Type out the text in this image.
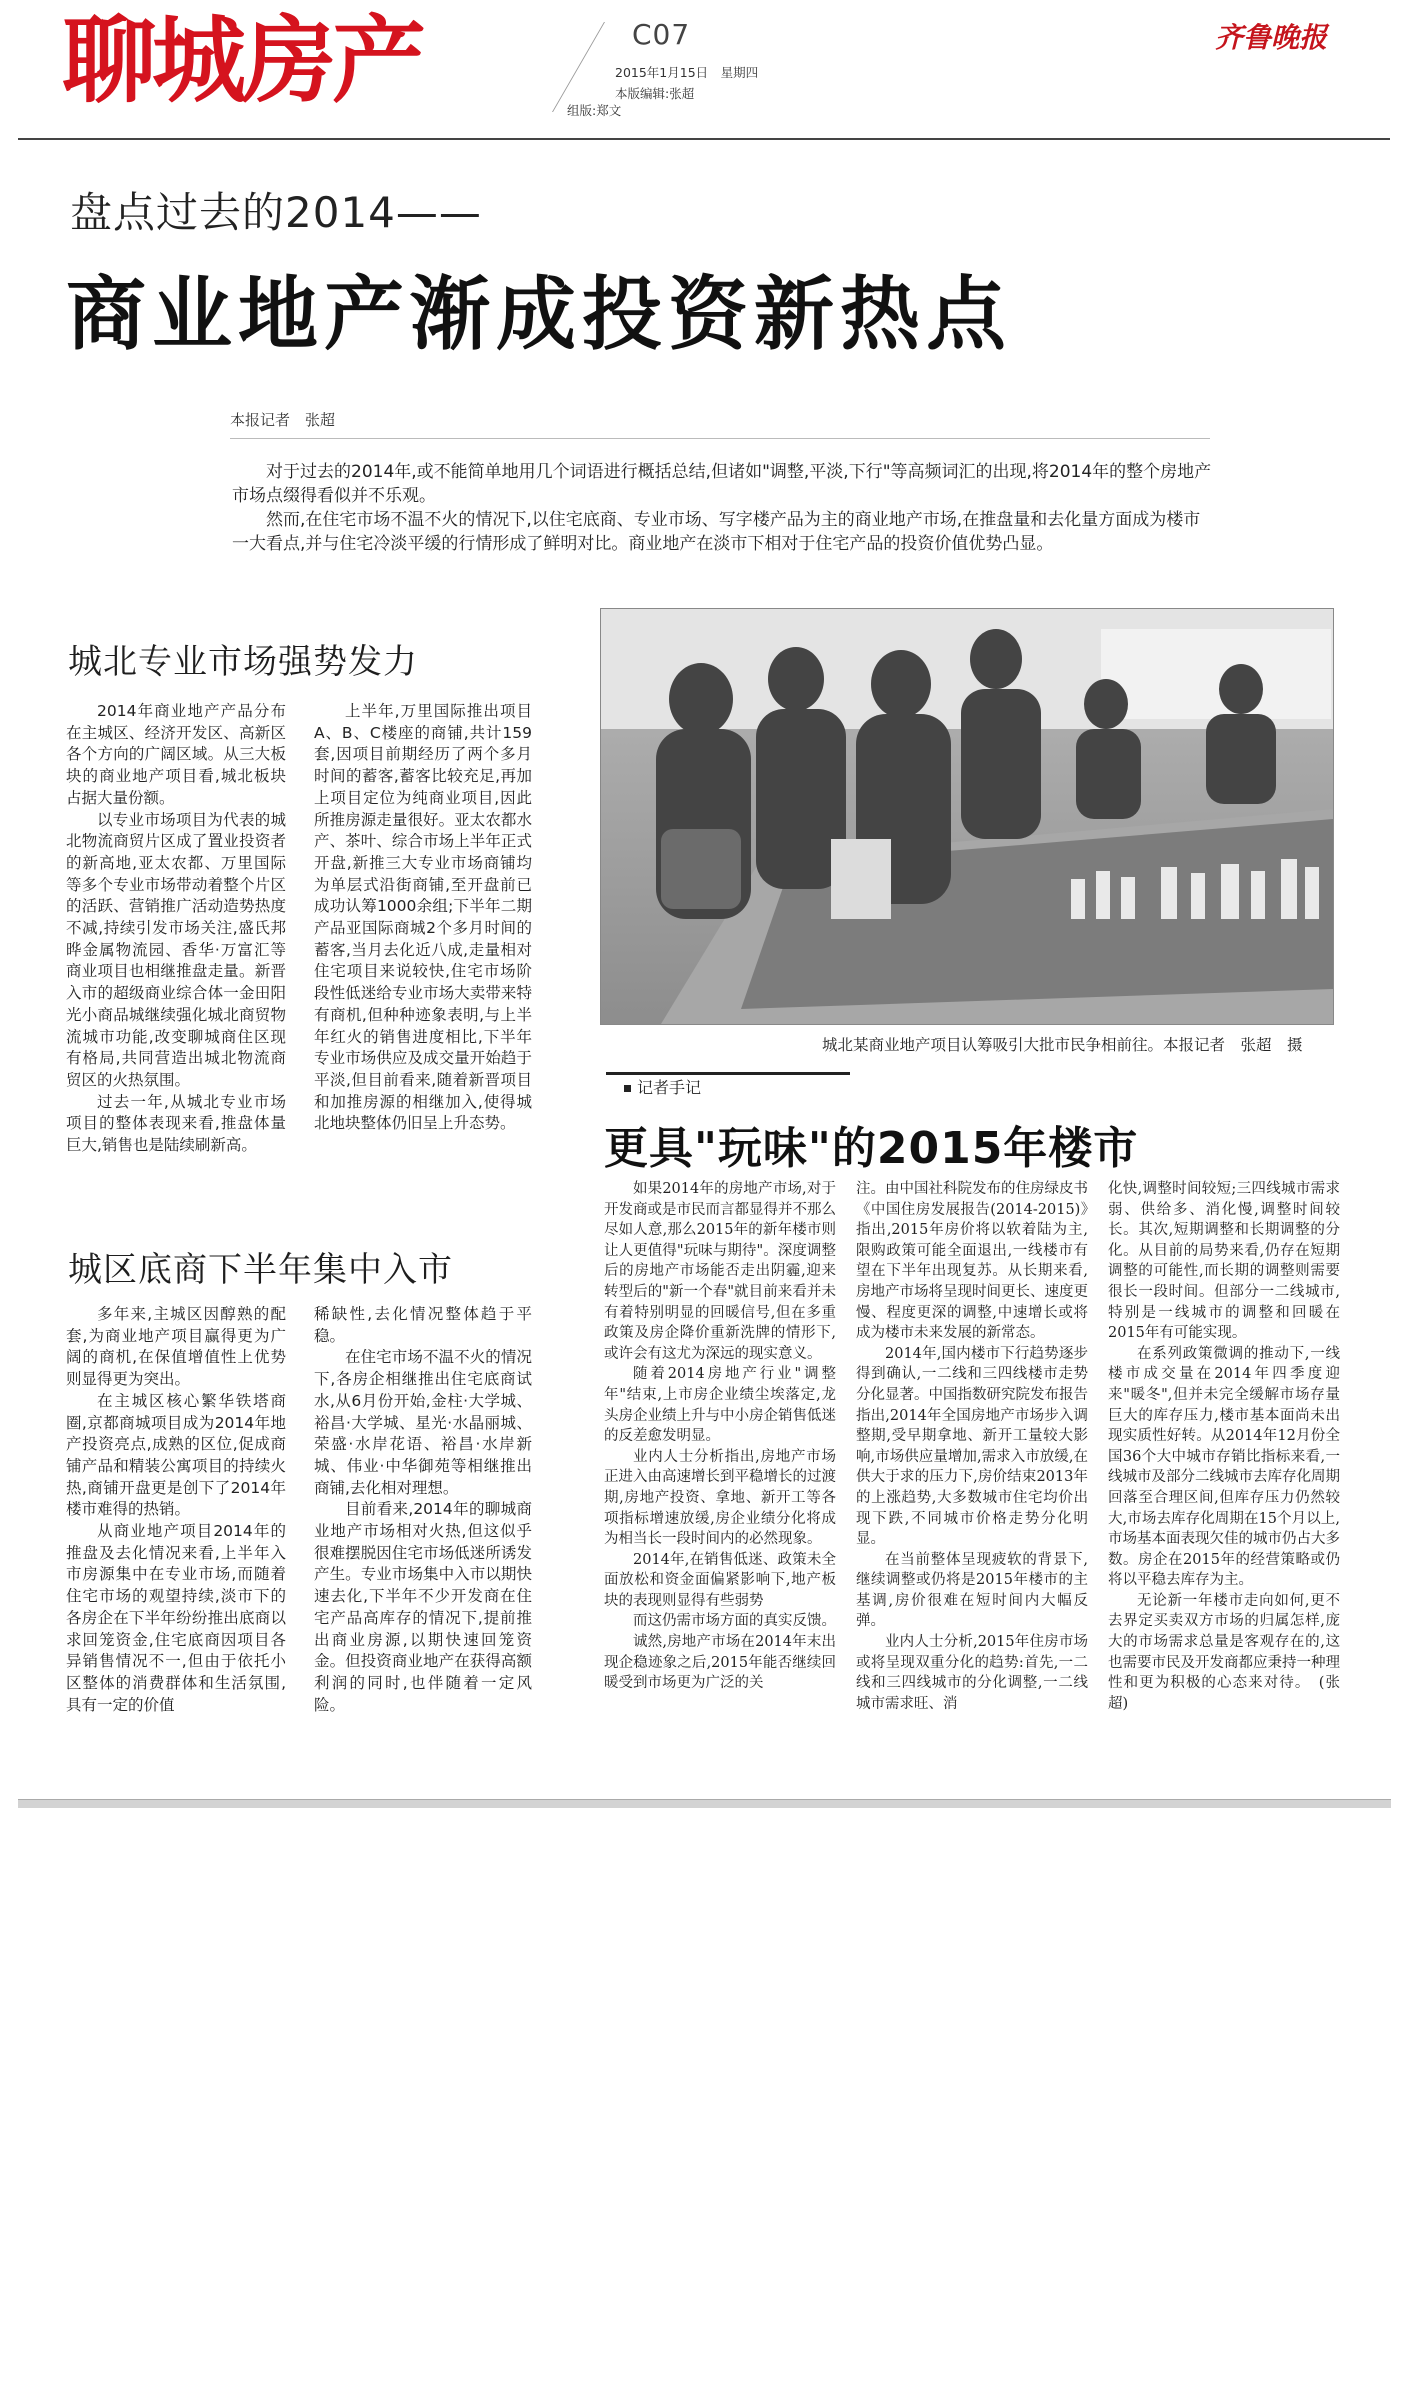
聊城房产	C07
2015年1月15日　星期四
本版编辑:张超
组版:郑文
齐鲁晚报
盘点过去的2014——
商业地产渐成投资新热点
本报记者　张超
对于过去的2014年,或不能简单地用几个词语进行概括总结,但诸如"调整,平淡,下行"等高频词汇的出现,将2014年的整个房地产市场点缀得看似并不乐观。
然而,在住宅市场不温不火的情况下,以住宅底商、专业市场、写字楼产品为主的商业地产市场,在推盘量和去化量方面成为楼市一大看点,并与住宅冷淡平缓的行情形成了鲜明对比。商业地产在淡市下相对于住宅产品的投资价值优势凸显。
城北专业市场强势发力

2014年商业地产产品分布在主城区、经济开发区、高新区各个方向的广阔区域。从三大板块的商业地产项目看,城北板块占据大量份额。

以专业市场项目为代表的城北物流商贸片区成了置业投资者的新高地,亚太农都、万里国际等多个专业市场带动着整个片区的活跃、营销推广活动造势热度不减,持续引发市场关注,盛氏邦晔金属物流园、香华·万富汇等商业项目也相继推盘走量。新晋入市的超级商业综合体一金田阳光小商品城继续强化城北商贸物流城市功能,改变聊城商住区现有格局,共同营造出城北物流商贸区的火热氛围。

过去一年,从城北专业市场项目的整体表现来看,推盘体量巨大,销售也是陆续刷新高。

上半年,万里国际推出项目A、B、C楼座的商铺,共计159套,因项目前期经历了两个多月时间的蓄客,蓄客比较充足,再加上项目定位为纯商业项目,因此所推房源走量很好。亚太农都水产、茶叶、综合市场上半年正式开盘,新推三大专业市场商铺均为单层式沿街商铺,至开盘前已成功认筹1000余组;下半年二期产品亚国际商城2个多月时间的蓄客,当月去化近八成,走量相对住宅项目来说较快,住宅市场阶段性低迷给专业市场大卖带来特有商机,但种种迹象表明,与上半年红火的销售进度相比,下半年专业市场供应及成交量开始趋于平淡,但目前看来,随着新晋项目和加推房源的相继加入,使得城北地块整体仍旧呈上升态势。

城区底商下半年集中入市

多年来,主城区因醇熟的配套,为商业地产项目赢得更为广阔的商机,在保值增值性上优势则显得更为突出。

在主城区核心繁华铁塔商圈,京都商城项目成为2014年地产投资亮点,成熟的区位,促成商铺产品和精装公寓项目的持续火热,商铺开盘更是创下了2014年楼市难得的热销。

从商业地产项目2014年的推盘及去化情况来看,上半年入市房源集中在专业市场,而随着住宅市场的观望持续,淡市下的各房企在下半年纷纷推出底商以求回笼资金,住宅底商因项目各异销售情况不一,但由于依托小区整体的消费群体和生活氛围,具有一定的价值

稀缺性,去化情况整体趋于平稳。

在住宅市场不温不火的情况下,各房企相继推出住宅底商试水,从6月份开始,金柱·大学城、裕昌·大学城、星光·水晶丽城、荣盛·水岸花语、裕昌·水岸新城、伟业·中华御苑等相继推出商铺,去化相对理想。

目前看来,2014年的聊城商业地产市场相对火热,但这似乎很难摆脱因住宅市场低迷所诱发产生。专业市场集中入市以期快速去化,下半年不少开发商在住宅产品高库存的情况下,提前推出商业房源,以期快速回笼资金。但投资商业地产在获得高额利润的同时,也伴随着一定风险。

城北某商业地产项目认筹吸引大批市民争相前往。本报记者　张超　摄
记者手记
更具"玩味"的2015年楼市

如果2014年的房地产市场,对于开发商或是市民而言都显得并不那么尽如人意,那么2015年的新年楼市则让人更值得"玩味与期待"。深度调整后的房地产市场能否走出阴霾,迎来转型后的"新一个春"就目前来看并未有着特别明显的回暖信号,但在多重政策及房企降价重新洗牌的情形下,或许会有这尤为深远的现实意义。

随着2014房地产行业"调整年"结束,上市房企业绩尘埃落定,龙头房企业绩上升与中小房企销售低迷的反差愈发明显。

业内人士分析指出,房地产市场正进入由高速增长到平稳增长的过渡期,房地产投资、拿地、新开工等各项指标增速放缓,房企业绩分化将成为相当长一段时间内的必然现象。

2014年,在销售低迷、政策未全面放松和资金面偏紧影响下,地产板块的表现则显得有些弱势

而这仍需市场方面的真实反馈。

诚然,房地产市场在2014年末出现企稳迹象之后,2015年能否继续回暖受到市场更为广泛的关

注。由中国社科院发布的住房绿皮书《中国住房发展报告(2014-2015)》指出,2015年房价将以软着陆为主,限购政策可能全面退出,一线楼市有望在下半年出现复苏。从长期来看,房地产市场将呈现时间更长、速度更慢、程度更深的调整,中速增长或将成为楼市未来发展的新常态。

2014年,国内楼市下行趋势逐步得到确认,一二线和三四线楼市走势分化显著。中国指数研究院发布报告指出,2014年全国房地产市场步入调整期,受早期拿地、新开工量较大影响,市场供应量增加,需求入市放缓,在供大于求的压力下,房价结束2013年的上涨趋势,大多数城市住宅均价出现下跌,不同城市价格走势分化明显。

在当前整体呈现疲软的背景下,继续调整或仍将是2015年楼市的主基调,房价很难在短时间内大幅反弹。

业内人士分析,2015年住房市场或将呈现双重分化的趋势:首先,一二线和三四线城市的分化调整,一二线城市需求旺、消

化快,调整时间较短;三四线城市需求弱、供给多、消化慢,调整时间较长。其次,短期调整和长期调整的分化。从目前的局势来看,仍存在短期调整的可能性,而长期的调整则需要很长一段时间。但部分一二线城市,特别是一线城市的调整和回暖在2015年有可能实现。

在系列政策微调的推动下,一线楼市成交量在2014年四季度迎来"暖冬",但并未完全缓解市场存量巨大的库存压力,楼市基本面尚未出现实质性好转。从2014年12月份全国36个大中城市存销比指标来看,一线城市及部分二线城市去库存化周期回落至合理区间,但库存压力仍然较大,市场去库存化周期在15个月以上,市场基本面表现欠佳的城市仍占大多数。房企在2015年的经营策略或仍将以平稳去库存为主。

无论新一年楼市走向如何,更不去界定买卖双方市场的归属怎样,庞大的市场需求总量是客观存在的,这也需要市民及开发商都应秉持一种理性和更为积极的心态来对待。　(张超)
